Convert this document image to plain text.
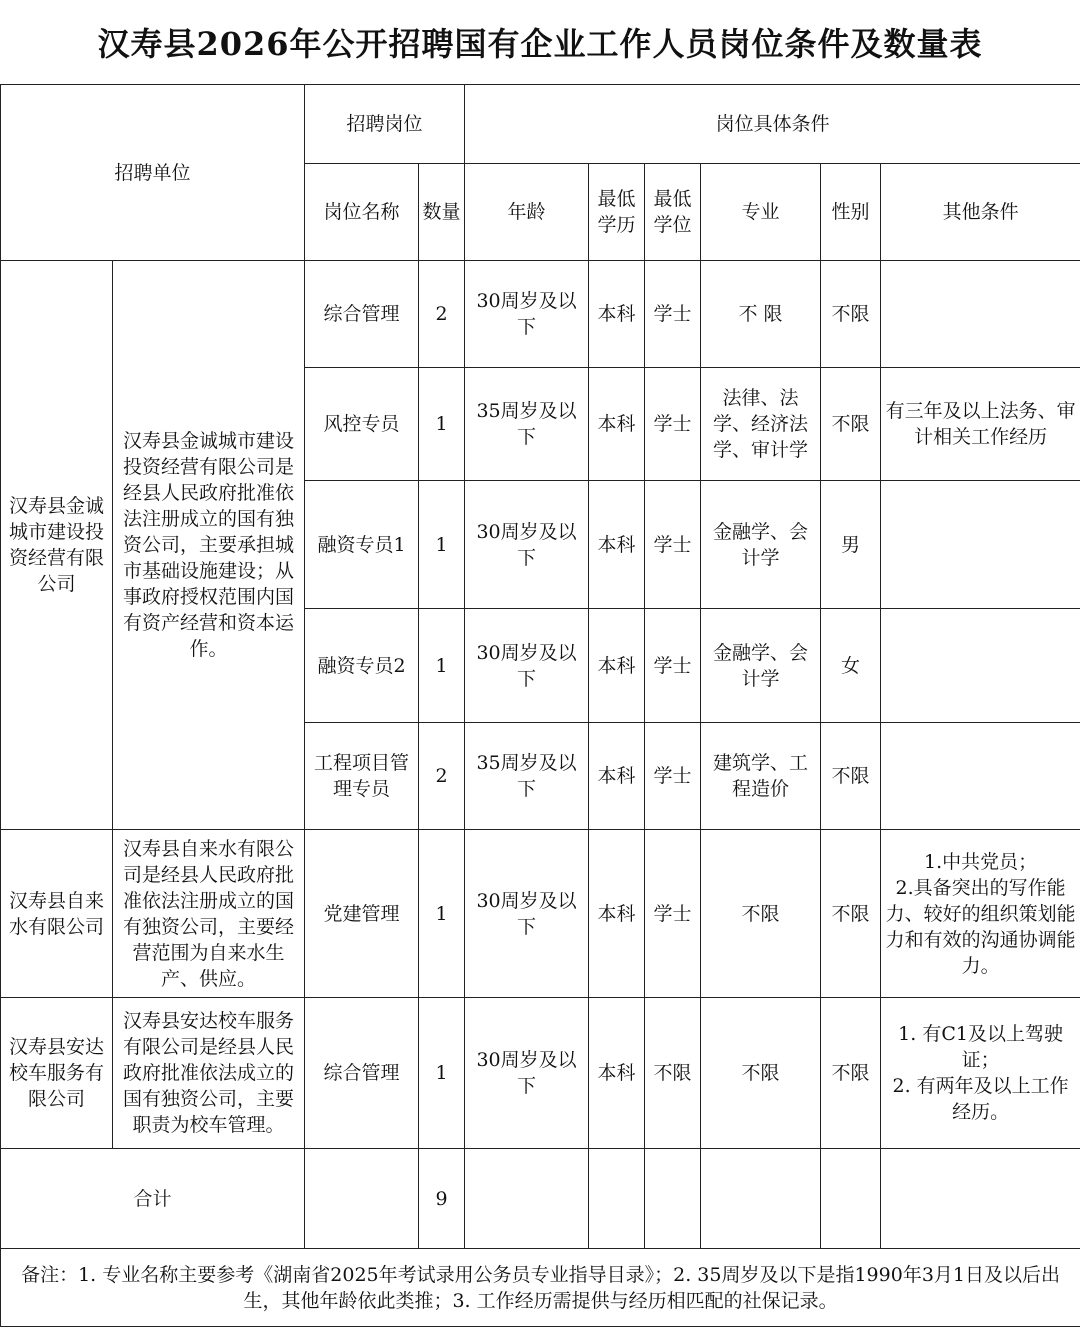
汉寿县2026年公开招聘国有企业工作人员岗位条件及数量表
招聘单位		招聘岗位		岗位具体条件					
		岗位名称	数量	年龄	最低学历	最低学位	专业	性别	其他条件
汉寿县金诚城市建设投资经营有限公司	汉寿县金诚城市建设投资经营有限公司是经县人民政府批准依法注册成立的国有独资公司，主要承担城市基础设施建设；从事政府授权范围内国有资产经营和资本运作。	综合管理	2	30周岁及以下	本科	学士	不 限	不限	
		风控专员	1	35周岁及以下	本科	学士	法律、法学、经济法学、审计学	不限	有三年及以上法务、审计相关工作经历
		融资专员1	1	30周岁及以下	本科	学士	金融学、会计学	男	
		融资专员2	1	30周岁及以下	本科	学士	金融学、会计学	女	
		工程项目管理专员	2	35周岁及以下	本科	学士	建筑学、工程造价	不限	
汉寿县自来水有限公司	汉寿县自来水有限公司是经县人民政府批准依法注册成立的国有独资公司，主要经营范围为自来水生产、供应。	党建管理	1	30周岁及以下	本科	学士	不限	不限	1.中共党员；
2.具备突出的写作能力、较好的组织策划能力和有效的沟通协调能力。

汉寿县安达校车服务有限公司	汉寿县安达校车服务有限公司是经县人民政府批准依法成立的国有独资公司，主要职责为校车管理。	综合管理	1	30周岁及以下	本科	不限	不限	不限	1. 有C1及以上驾驶证；
2. 有两年及以上工作经历。

合计			9						
备注：1. 专业名称主要参考《湖南省2025年考试录用公务员专业指导目录》；2. 35周岁及以下是指1990年3月1日及以后出生，其他年龄依此类推；3. 工作经历需提供与经历相匹配的社保记录。									
